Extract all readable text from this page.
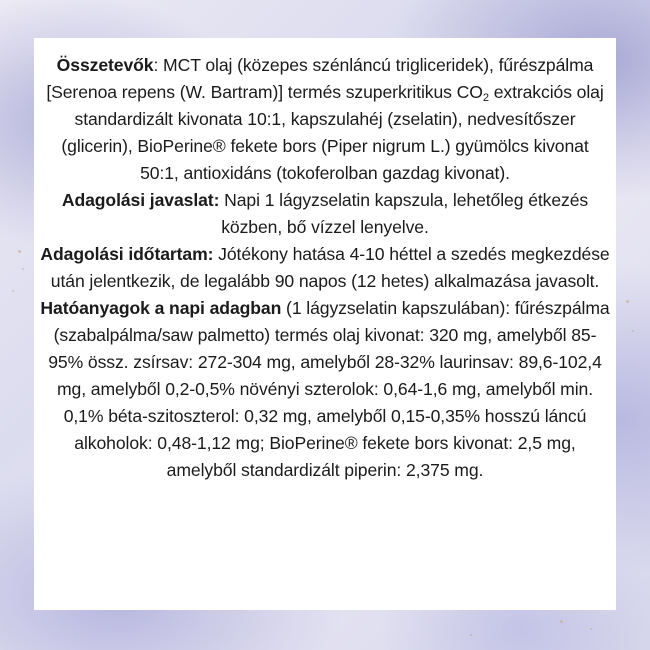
Összetevők: MCT olaj (közepes szénláncú trigliceridek), fűrészpálma [Serenoa repens (W. Bartram)] termés szuperkritikus $CO_2$ extrakciós olaj standardizált kivonata 10:1, kapszulahéj (zselatin), nedvesítőszer (glicerin), BioPerine® fekete bors (Piper nigrum L.) gyümölcs kivonat 50:1, antioxidáns (tokoferolban gazdag kivonat).
Adagolási javaslat: Napi 1 lágyzselatin kapszula, lehetőleg étkezés közben, bő vízzel lenyelve.
Adagolási időtartam: Jótékony hatása 4-10 héttel a szedés megkezdése után jelentkezik, de legalább 90 napos (12 hetes) alkalmazása javasolt.
Hatóanyagok a napi adagban (1 lágyzselatin kapszulában): fűrészpálma (szabalpálma/saw palmetto) termés olaj kivonat: 320 mg, amelyből 85-95% össz. zsírsav: 272-304 mg, amelyből 28-32% laurinsav: 89,6-102,4 mg, amelyből 0,2-0,5% növényi szterolok: 0,64-1,6 mg, amelyből min. 0,1% béta-szitoszterol: 0,32 mg, amelyből 0,15-0,35% hosszú láncú alkoholok: 0,48-1,12 mg; BioPerine® fekete bors kivonat: 2,5 mg, amelyből standardizált piperin: 2,375 mg.
